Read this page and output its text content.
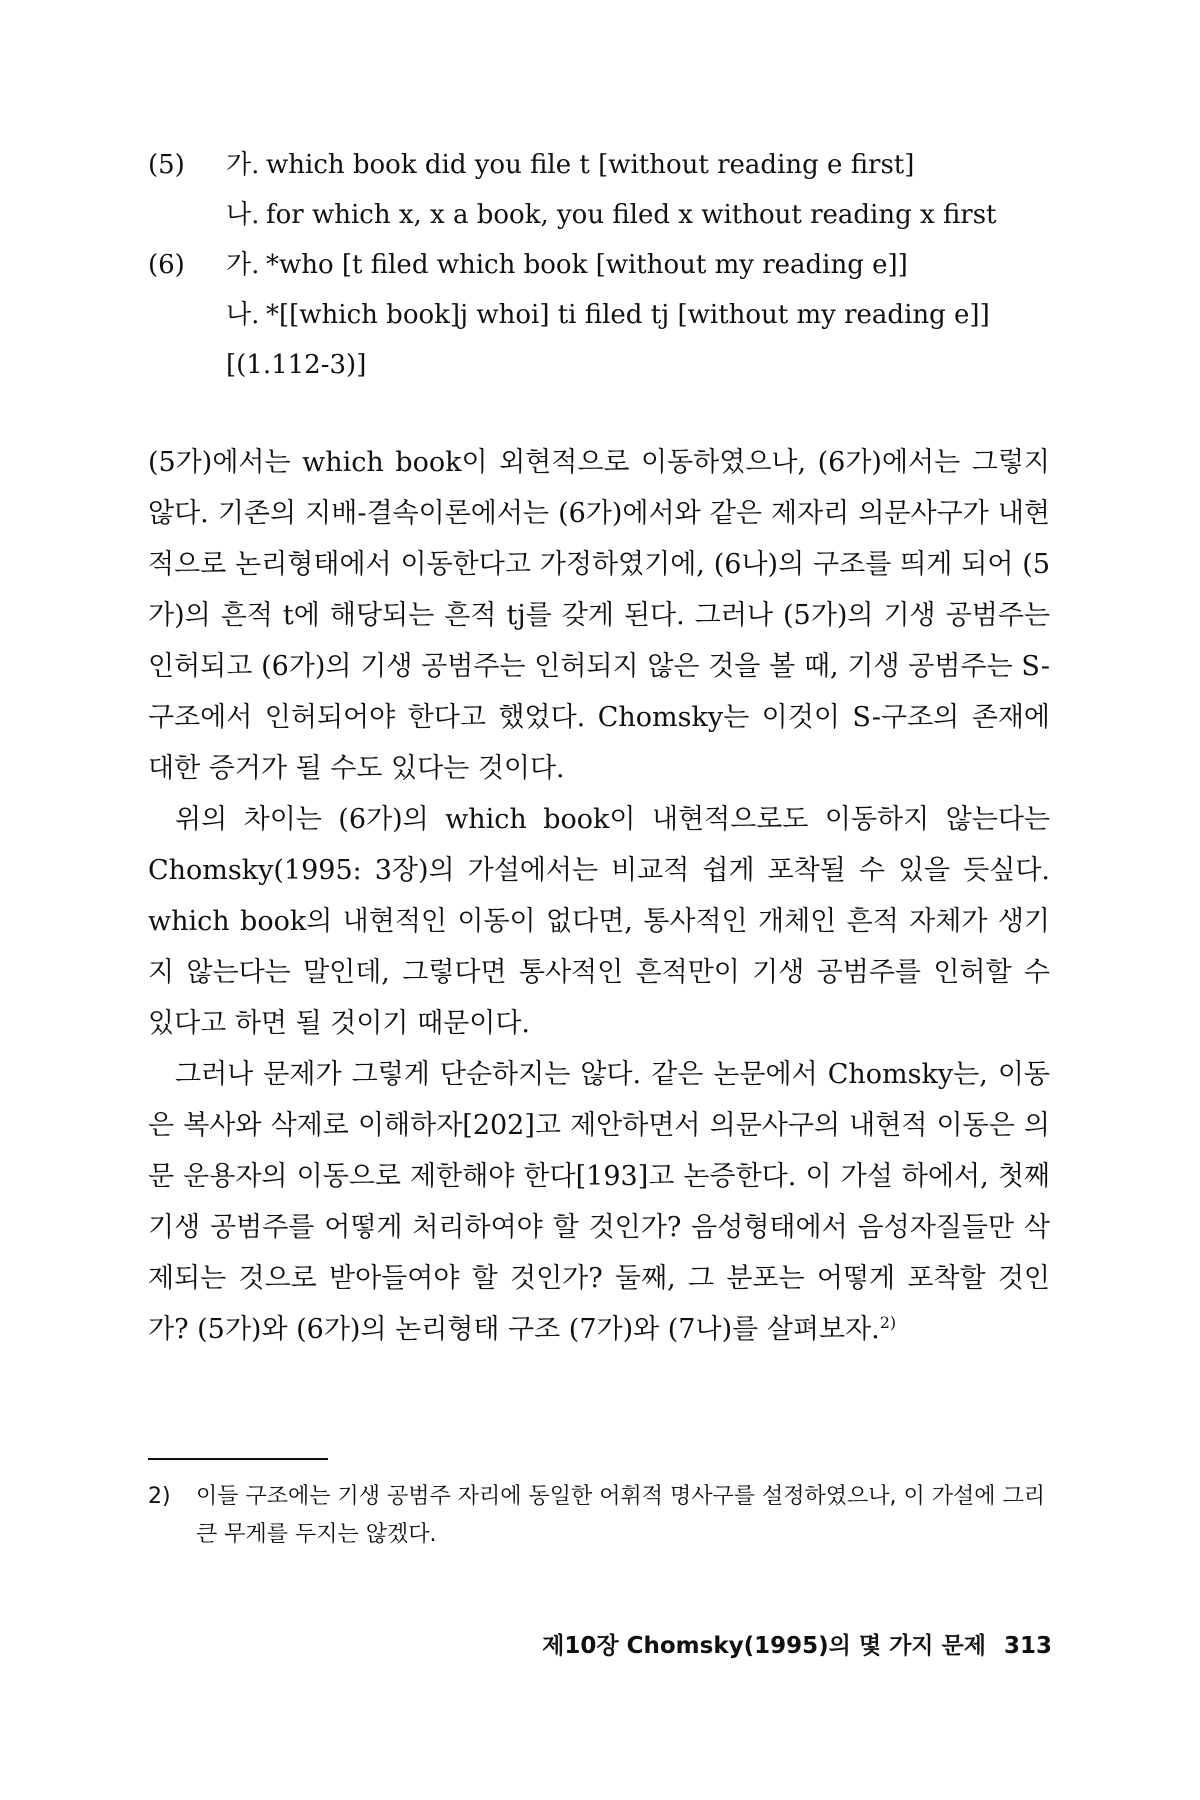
(5) 가. which book did you file t [without reading e first]
나. for which x, x a book, you filed x without reading x first
(6) 가. *who [t filed which book [without my reading e]]
나. *[[which book]j whoi] ti filed tj [without my reading e]]
[(1.112-3)]

(5가)에서는 which book이 외현적으로 이동하였으나, (6가)에서는 그렇지 않다. 기존의 지배-결속이론에서는 (6가)에서와 같은 제자리 의문사구가 내현적으로 논리형태에서 이동한다고 가정하였기에, (6나)의 구조를 띄게 되어 (5가)의 흔적 t에 해당되는 흔적 tj를 갖게 된다. 그러나 (5가)의 기생 공범주는 인허되고 (6가)의 기생 공범주는 인허되지 않은 것을 볼 때, 기생 공범주는 S-구조에서 인허되어야 한다고 했었다. Chomsky는 이것이 S-구조의 존재에 대한 증거가 될 수도 있다는 것이다.

위의 차이는 (6가)의 which book이 내현적으로도 이동하지 않는다는 Chomsky(1995: 3장)의 가설에서는 비교적 쉽게 포착될 수 있을 듯싶다. which book의 내현적인 이동이 없다면, 통사적인 개체인 흔적 자체가 생기지 않는다는 말인데, 그렇다면 통사적인 흔적만이 기생 공범주를 인허할 수 있다고 하면 될 것이기 때문이다.

그러나 문제가 그렇게 단순하지는 않다. 같은 논문에서 Chomsky는, 이동은 복사와 삭제로 이해하자[202]고 제안하면서 의문사구의 내현적 이동은 의문 운용자의 이동으로 제한해야 한다[193]고 논증한다. 이 가설 하에서, 첫째 기생 공범주를 어떻게 처리하여야 할 것인가? 음성형태에서 음성자질들만 삭제되는 것으로 받아들여야 할 것인가? 둘째, 그 분포는 어떻게 포착할 것인가? (5가)와 (6가)의 논리형태 구조 (7가)와 (7나)를 살펴보자.$^{2)}$

2) 이들 구조에는 기생 공범주 자리에 동일한 어휘적 명사구를 설정하였으나, 이 가설에 그리 큰 무게를 두지는 않겠다.
제10장 Chomsky(1995)의 몇 가지 문제 313
